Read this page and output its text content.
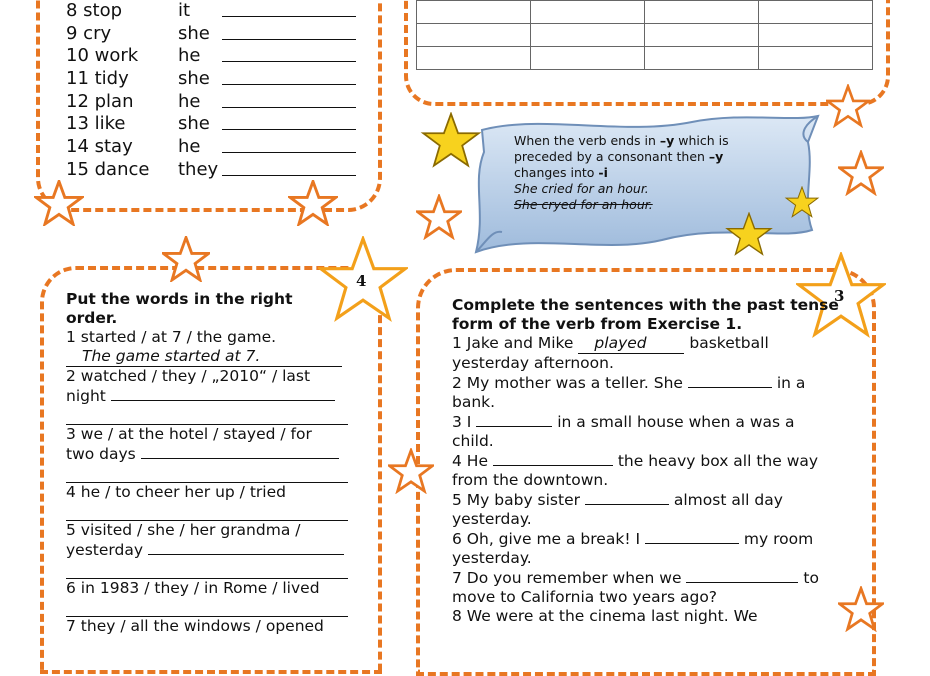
8 stop	it
9 cry	she
10 work	he
11 tidy	she
12 plan	he
13 like	she
14 stay	he
15 dance	they

When the verb ends in –y which is
preceded by a consonant then –y
changes into -i
She cried for an hour.
She cryed for an hour.
4
3
Put the words in the right order.
1 started / at 7 / the game.
The game started at 7.
2 watched / they / „2010“ / last
night
3 we / at the hotel / stayed / for
two days
4 he / to cheer her up / tried
5 visited / she / her grandma /
yesterday
6 in 1983 / they / in Rome / lived
7 they / all the windows / opened
Complete the sentences with the past tense form of the verb from Exercise 1.
1 Jake and Mike played	basketball
yesterday afternoon.
2 My mother was a teller. She	in a
bank.
3 I	in a small house when a was a
child.
4 He	the heavy box all the way
from the downtown.
5 My baby sister	almost all day
yesterday.
6 Oh, give me a break! I	my room
yesterday.
7 Do you remember when we	to
move to California two years ago?
8 We were at the cinema last night. We
